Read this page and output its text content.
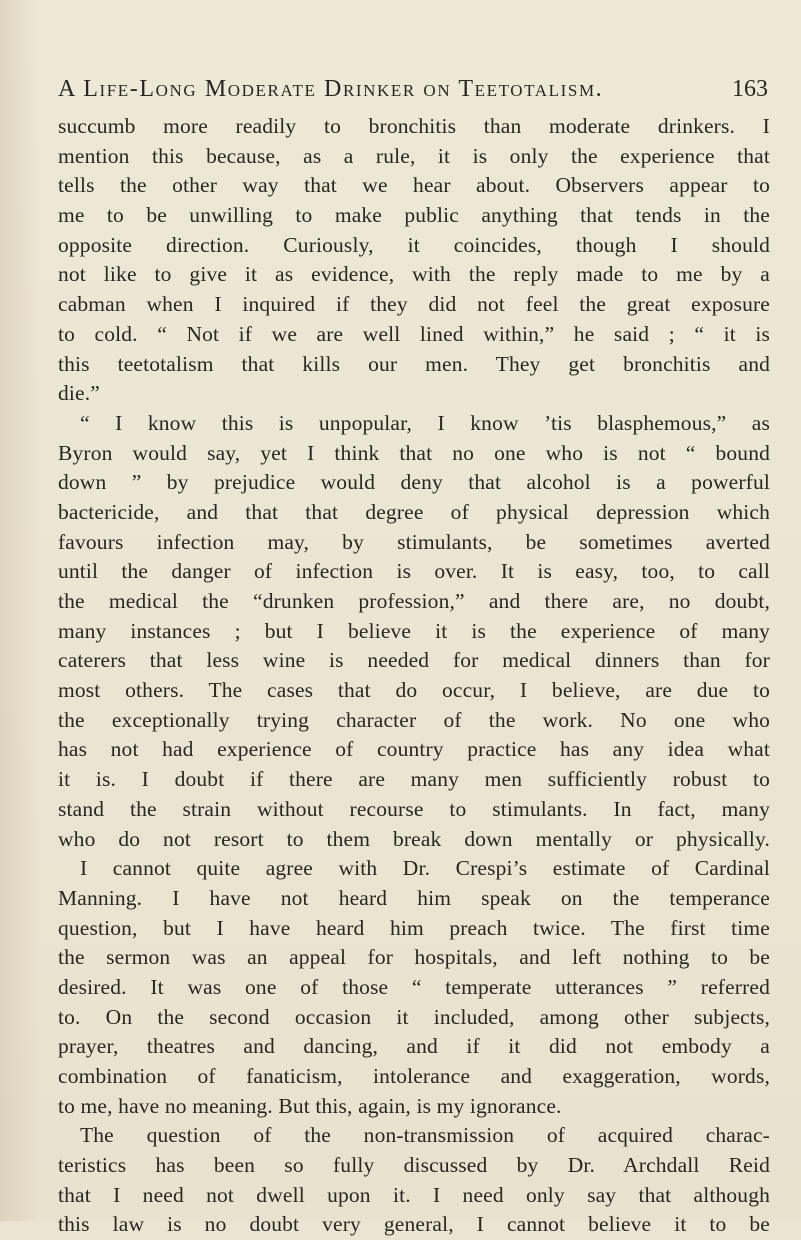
A Life-Long Moderate Drinker on Teetotalism.	163
succumb more readily to bronchitis than moderate drinkers. I
mention this because, as a rule, it is only the experience that
tells the other way that we hear about. Observers appear to
me to be unwilling to make public anything that tends in the
opposite direction. Curiously, it coincides, though I should
not like to give it as evidence, with the reply made to me by a
cabman when I inquired if they did not feel the great exposure
to cold. “ Not if we are well lined within,” he said ; “ it is
this teetotalism that kills our men. They get bronchitis and
die.”
“ I know this is unpopular, I know ’tis blasphemous,” as
Byron would say, yet I think that no one who is not “ bound
down ” by prejudice would deny that alcohol is a powerful
bactericide, and that that degree of physical depression which
favours infection may, by stimulants, be sometimes averted
until the danger of infection is over. It is easy, too, to call
the medical the “drunken profession,” and there are, no doubt,
many instances ; but I believe it is the experience of many
caterers that less wine is needed for medical dinners than for
most others. The cases that do occur, I believe, are due to
the exceptionally trying character of the work. No one who
has not had experience of country practice has any idea what
it is. I doubt if there are many men sufficiently robust to
stand the strain without recourse to stimulants. In fact, many
who do not resort to them break down mentally or physically.
I cannot quite agree with Dr. Crespi’s estimate of Cardinal
Manning. I have not heard him speak on the temperance
question, but I have heard him preach twice. The first time
the sermon was an appeal for hospitals, and left nothing to be
desired. It was one of those “ temperate utterances ” referred
to. On the second occasion it included, among other subjects,
prayer, theatres and dancing, and if it did not embody a
combination of fanaticism, intolerance and exaggeration, words,
to me, have no meaning. But this, again, is my ignorance.
The question of the non-transmission of acquired charac-
teristics has been so fully discussed by Dr. Archdall Reid
that I need not dwell upon it. I need only say that although
this law is no doubt very general, I cannot believe it to be
